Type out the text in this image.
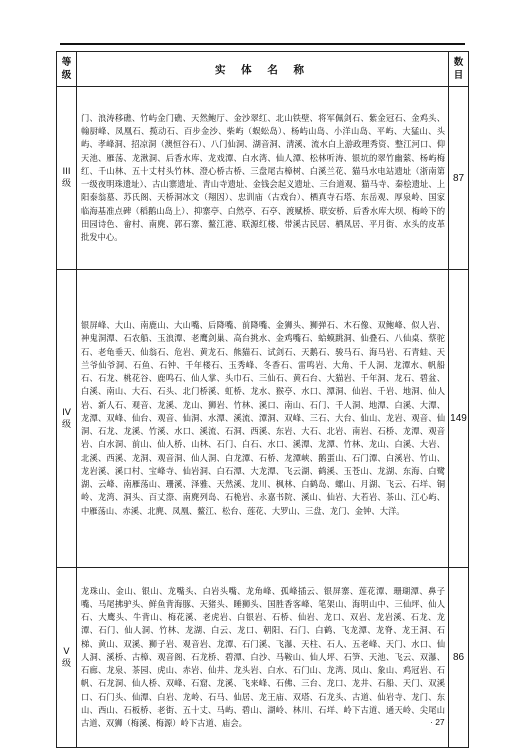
等
级	实 体 名 称	数
目

III
级	门、浪涛移礁、竹屿金门礁、天然鲍厅、金沙翠红、北山铁壁、将军佩剑石、紫金冠石、金鸡头、翰厨峰、凤凰石、揽动石、百步金沙、柴屿（蜈蚣岛）、杨屿山岛、小洋山岛、平屿、大猛山、头屿、孝峰洞、招凉洞（澳恒谷石）、八门仙洞、湖音洞、清溪、流水白上游政理秀资、整江河口、仰天池、雁荡、龙湫洞、后香水库、龙戏潭、白水湾、仙人潭、松林听涛、银坑的翠竹幽萦、杨屿梅红、千山林、五十丈村头竹林、澄心桥古桥、三盘尾古樟树、白溪兰花、猫马水电站遗址（浙南第一级夜明珠遗址）、古山寨遗址、青山寺遗址、金钱会起义遗址、三台道观、猫马寺、秦桧遗址、上阳泰翁墓、苏氏阁、天桥洞冰文（翔因）、忠训庙（古戏台）、栖真寺石塔、东岳观、厚泉岭、国家临海基准点碑（稻鹅山岛上）、抑寨亭、白然亭、石亭、渡赋桥、联安桥、后香水库大坝、梅岭下的田园诗色、畲村、南麂、郭石寨、鳌江港、联源红楼、带溪古民居、栖凤居、平月街、水头的皮革批发中心。	87

IV
级	银屏峰、大山、南鹿山、大山嘴、后降嘴、前降嘴、金狮头、狮弹石、木石像、双鲍峰、似人岩、神鬼洞潭、石农船、玉浪潭、老鹰剑巢、高台挑水、金鸡嘴石、蛤蟆跳洞、仙叠石、八仙桌、蔡驼石、老龟垂天、仙翁石、危岩、黄龙石、熊猫石、试剑石、天鹅石、骏马石、海马岩、石青蛙、天兰爷仙爷洞、石鱼、石钟、千年楼石、玉秀峰、冬香石、雷鸣岩、大角、千人洞、龙潭水、帆船石、石龙、桃花谷、鹿鸣石、仙人掌、头巾石、三仙石、黄石台、大猫岩、千年洞、龙石、碧盆、白溪、南山、大石、石头、北门桥溪、虹桥、龙水、猴亭、水口、潭洞、仙岩、千岩、地洞、仙人岩、新人石、观音、龙溪、龙山、狮岩、竹林、溪口、南山、石门、千人洞、地潭、白溪、大潭、龙潭、双峰、仙台、观音、仙洞、水潭、溪流、潭洞、双峰、三石、大台、仙山、龙岩、观音、仙洞、石龙、龙溪、竹溪、水口、溪流、石洞、西溪、东岩、大石、北岩、南岩、石桥、龙潭、观音岩、白水洞、前山、仙人桥、山林、石门、白石、水口、溪潭、龙潭、竹林、龙山、白溪、大岩、北溪、西溪、龙洞、观音洞、仙人洞、白龙潭、石桥、龙潭峡、鹅蛋山、石门潭、白溪岩、竹山、龙岩溪、溪口村、宝峰寺、仙岩洞、白石潭、大龙潭、飞云湖、鹤溪、玉苍山、龙湖、东海、白鹭湖、云峰、南雁荡山、珊溪、泽雅、天然溪、龙川、枫林、白鹤岛、螺山、月湖、飞云、石垟、铜岭、龙湾、洞头、百丈漈、南麂列岛、石桅岩、永嘉书院、溪山、仙岩、大若岩、茶山、江心屿、中雁荡山、赤溪、北麂、凤凰、鳌江、松台、莲花、大罗山、三盘、龙门、金钟、大洋。	149

V
级	龙珠山、金山、银山、龙嘴头、白岩头嘴、龙角峰、孤峰插云、银屏寨、莲花潭、珊瑚潭、鼻子嘴、马尾拂驴头、鲜鱼背海豚、天猪头、睡狮头、国胜香客峰、笔架山、海明山中、三仙坪、仙人石、大鹰头、牛背山、梅花溪、老虎岩、白银岩、石桥、仙岩、龙口、双岩、龙岩溪、石龙、龙潭、石门、仙人洞、竹林、龙湖、白云、龙口、朝阳、石门、白鹤、飞龙潭、龙脊、龙王洞、石梯、黄山、双溪、狮子岩、观音岩、龙潭、石门溪、飞瀑、天柱、石人、五老峰、天门、水口、仙人洞、溪桥、古樟、观音阁、石龙桥、碧潭、白沙、马鞍山、仙人坪、石笋、天池、飞云、双瀑、石廊、龙泉、茶园、虎山、赤岩、仙井、龙头岩、白水、石门山、龙湾、凤山、象山、鸡冠岩、石帆、石龙洞、仙人桥、双峰、石窟、龙溪、飞来峰、石佛、三台、龙口、龙井、石船、天门、双溪口、石门头、仙潭、白岩、龙岭、石马、仙居、龙王庙、双塔、石龙头、古道、仙岩寺、龙门、东山、西山、石板桥、老街、五十丈、马屿、碧山、湖岭、林川、石垟、岭下古道、通天岭、尖尾山古道、双狮（梅溪、梅源）岭下古道、庙会。	86
· 27 ·
